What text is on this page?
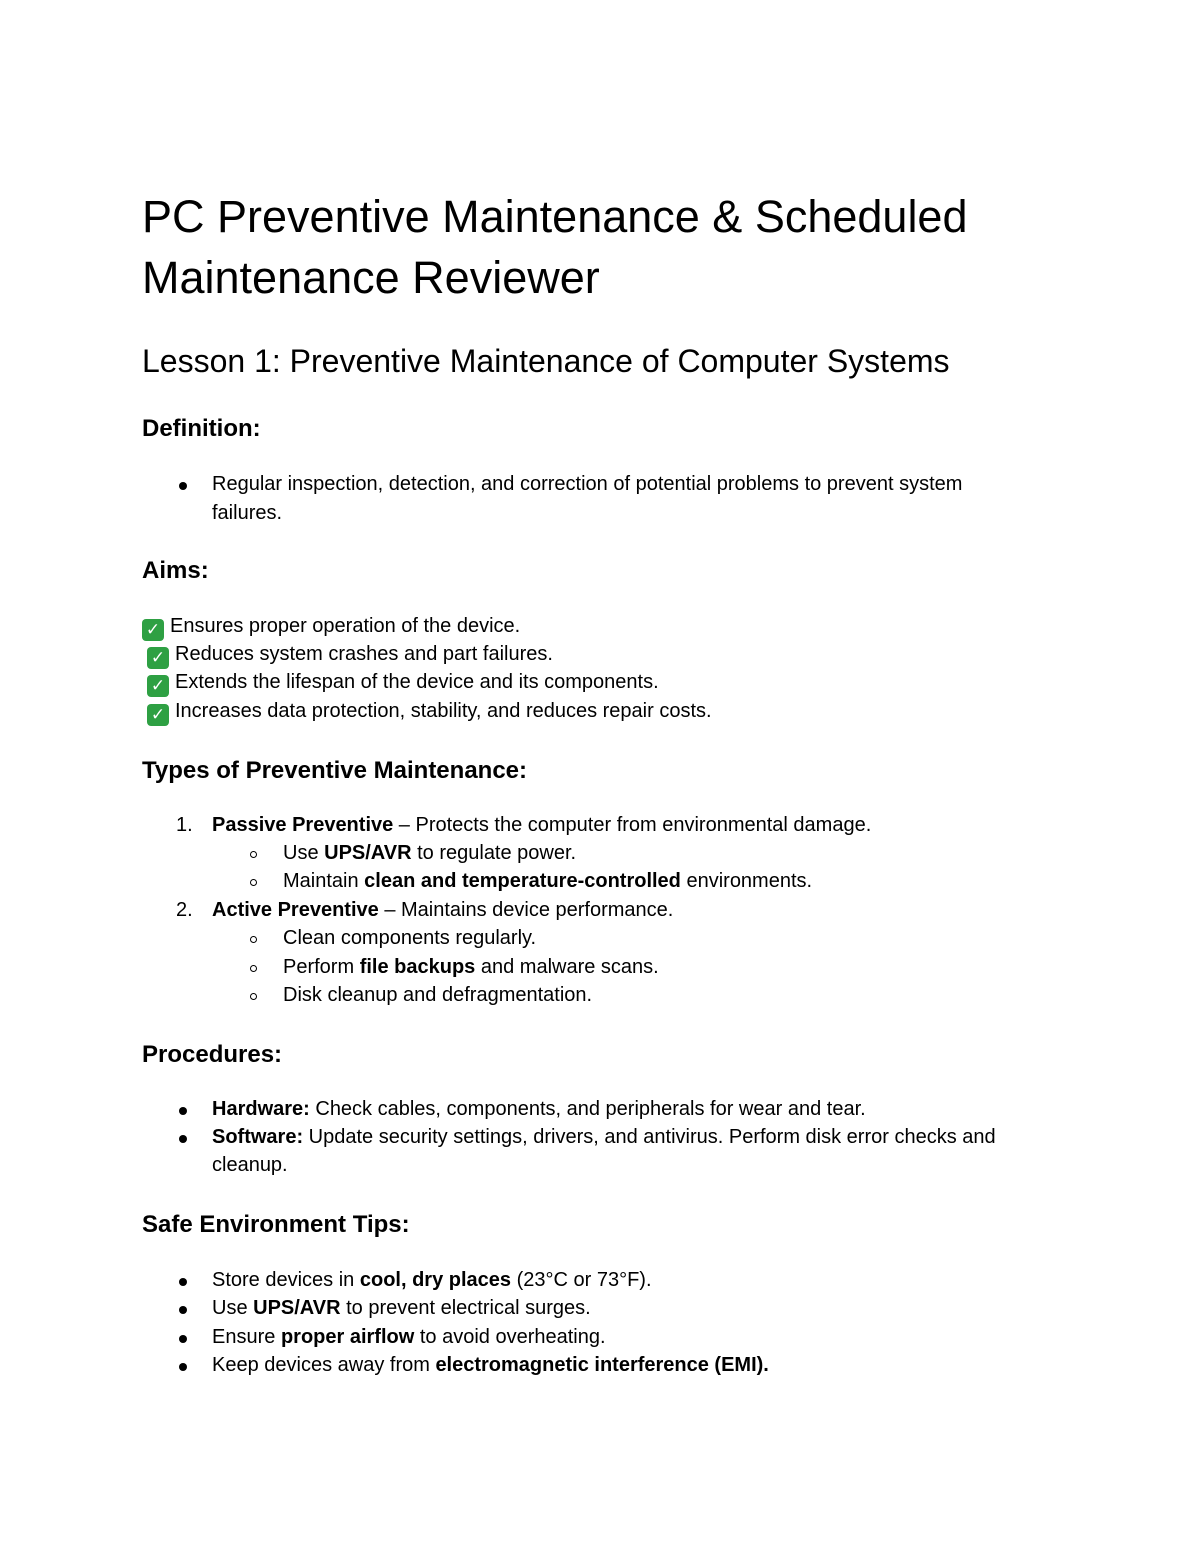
PC Preventive Maintenance & Scheduled Maintenance Reviewer
Lesson 1: Preventive Maintenance of Computer Systems
Definition:
Regular inspection, detection, and correction of potential problems to prevent system
failures.
Aims:
✓ Ensures proper operation of the device.
✓ Reduces system crashes and part failures.
✓ Extends the lifespan of the device and its components.
✓ Increases data protection, stability, and reduces repair costs.
Types of Preventive Maintenance:
1. Passive Preventive – Protects the computer from environmental damage.
Use UPS/AVR to regulate power.
Maintain clean and temperature-controlled environments.
2. Active Preventive – Maintains device performance.
Clean components regularly.
Perform file backups and malware scans.
Disk cleanup and defragmentation.
Procedures:
Hardware: Check cables, components, and peripherals for wear and tear.
Software: Update security settings, drivers, and antivirus. Perform disk error checks and
cleanup.
Safe Environment Tips:
Store devices in cool, dry places (23°C or 73°F).
Use UPS/AVR to prevent electrical surges.
Ensure proper airflow to avoid overheating.
Keep devices away from electromagnetic interference (EMI).
